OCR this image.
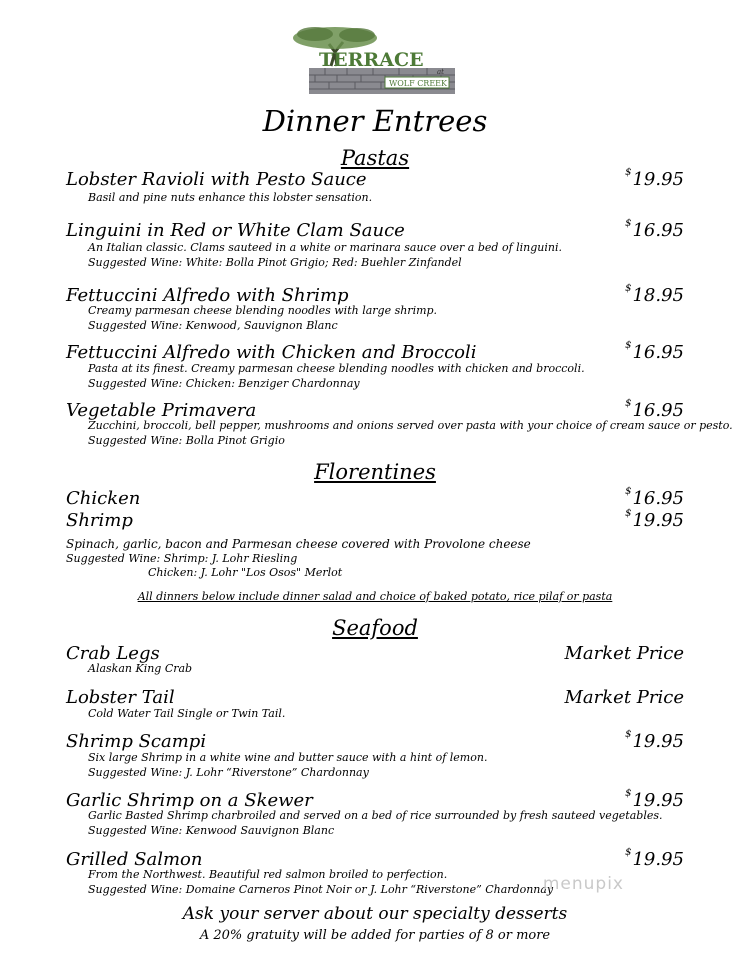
TERRACE
at
WOLF CREEK
Dinner Entrees
Pastas
Lobster Ravioli with Pesto Sauce	$19.95
Basil and pine nuts enhance this lobster sensation.
Linguini in Red or White Clam Sauce	$16.95
An Italian classic. Clams sauteed in a white or marinara sauce over a bed of linguini.
Suggested Wine: White: Bolla Pinot Grigio; Red: Buehler Zinfandel
Fettuccini Alfredo with Shrimp	$18.95
Creamy parmesan cheese blending noodles with large shrimp.
Suggested Wine: Kenwood, Sauvignon Blanc
Fettuccini Alfredo with Chicken and Broccoli	$16.95
Pasta at its finest. Creamy parmesan cheese blending noodles with chicken and broccoli.
Suggested Wine: Chicken: Benziger Chardonnay
Vegetable Primavera	$16.95
Zucchini, broccoli, bell pepper, mushrooms and onions served over pasta with your choice of cream sauce or pesto.
Suggested Wine: Bolla Pinot Grigio
Florentines
Chicken	$16.95
Shrimp	$19.95
Spinach, garlic, bacon and Parmesan cheese covered with Provolone cheese
Suggested Wine: Shrimp: J. Lohr Riesling
Chicken: J. Lohr "Los Osos" Merlot
All dinners below include dinner salad and choice of baked potato, rice pilaf or pasta
Seafood
Crab Legs	Market Price
Alaskan King Crab
Lobster Tail	Market Price
Cold Water Tail Single or Twin Tail.
Shrimp Scampi	$19.95
Six large Shrimp in a white wine and butter sauce with a hint of lemon.
Suggested Wine: J. Lohr “Riverstone” Chardonnay
Garlic Shrimp on a Skewer	$19.95
Garlic Basted Shrimp charbroiled and served on a bed of rice surrounded by fresh sauteed vegetables.
Suggested Wine: Kenwood Sauvignon Blanc
Grilled Salmon	$19.95
From the Northwest. Beautiful red salmon broiled to perfection.
Suggested Wine: Domaine Carneros Pinot Noir or J. Lohr “Riverstone” Chardonnay
menupix
Ask your server about our specialty desserts
A 20% gratuity will be added for parties of 8 or more
